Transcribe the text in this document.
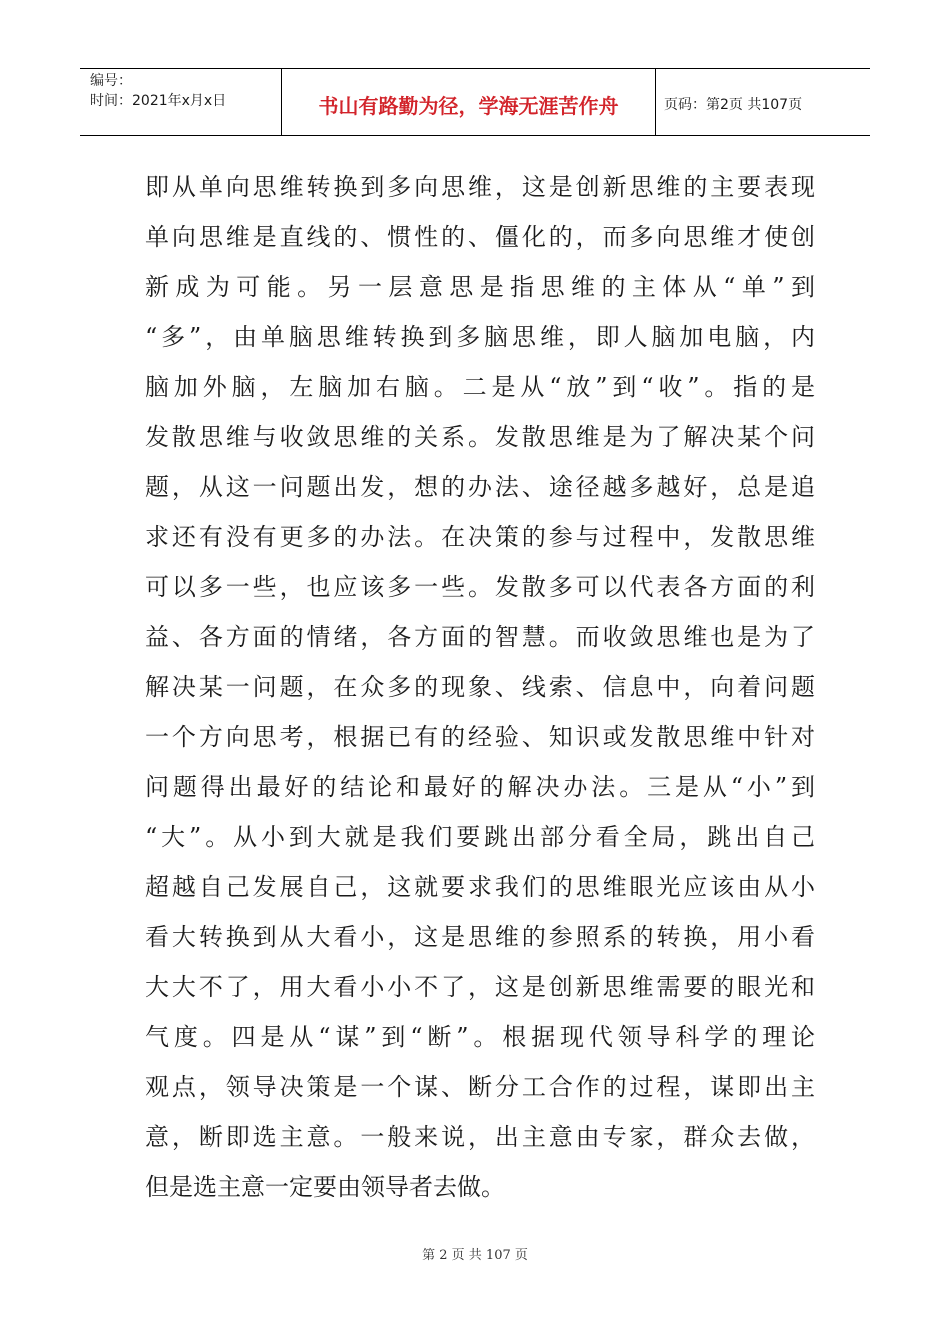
编号：
时间：2021年x月x日	书山有路勤为径，学海无涯苦作舟	页码：第2页 共107页
即从单向思维转换到多向思维，这是创新思维的主要表现
单向思维是直线的、惯性的、僵化的，而多向思维才使创
新成为可能。另一层意思是指思维的主体从“单”到
“多”，由单脑思维转换到多脑思维，即人脑加电脑，内
脑加外脑，左脑加右脑。二是从“放”到“收”。指的是
发散思维与收敛思维的关系。发散思维是为了解决某个问
题，从这一问题出发，想的办法、途径越多越好，总是追
求还有没有更多的办法。在决策的参与过程中，发散思维
可以多一些，也应该多一些。发散多可以代表各方面的利
益、各方面的情绪，各方面的智慧。而收敛思维也是为了
解决某一问题，在众多的现象、线索、信息中，向着问题
一个方向思考，根据已有的经验、知识或发散思维中针对
问题得出最好的结论和最好的解决办法。三是从“小”到
“大”。从小到大就是我们要跳出部分看全局，跳出自己
超越自己发展自己，这就要求我们的思维眼光应该由从小
看大转换到从大看小，这是思维的参照系的转换，用小看
大大不了，用大看小小不了，这是创新思维需要的眼光和
气度。四是从“谋”到“断”。根据现代领导科学的理论
观点，领导决策是一个谋、断分工合作的过程，谋即出主
意，断即选主意。一般来说，出主意由专家，群众去做，
但是选主意一定要由领导者去做。
第 2 页 共 107 页
